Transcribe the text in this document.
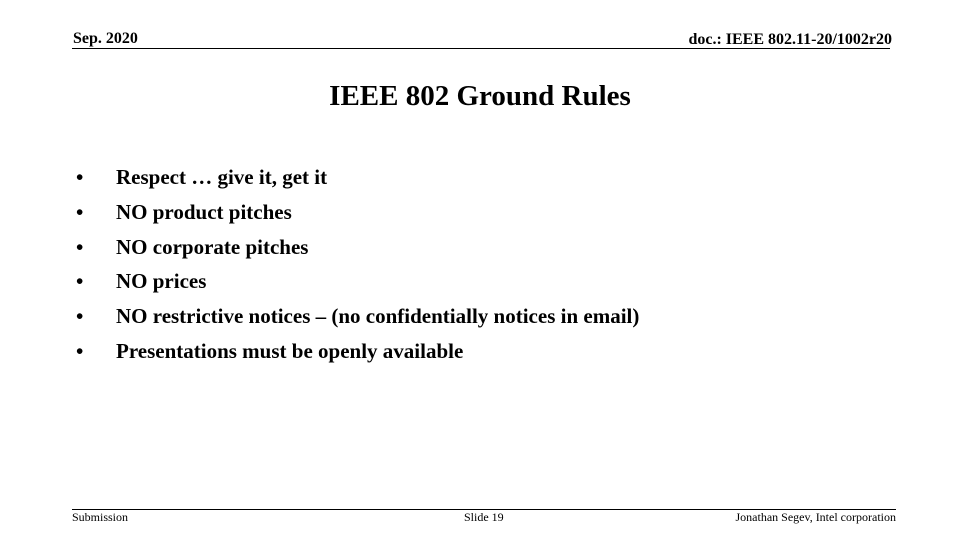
Sep. 2020	doc.: IEEE 802.11-20/1002r20
IEEE 802 Ground Rules
• Respect … give it, get it
• NO product pitches
• NO corporate pitches
• NO prices
• NO restrictive notices – (no confidentially notices in email)
• Presentations must be openly available
Submission	Slide 19	Jonathan Segev, Intel corporation
